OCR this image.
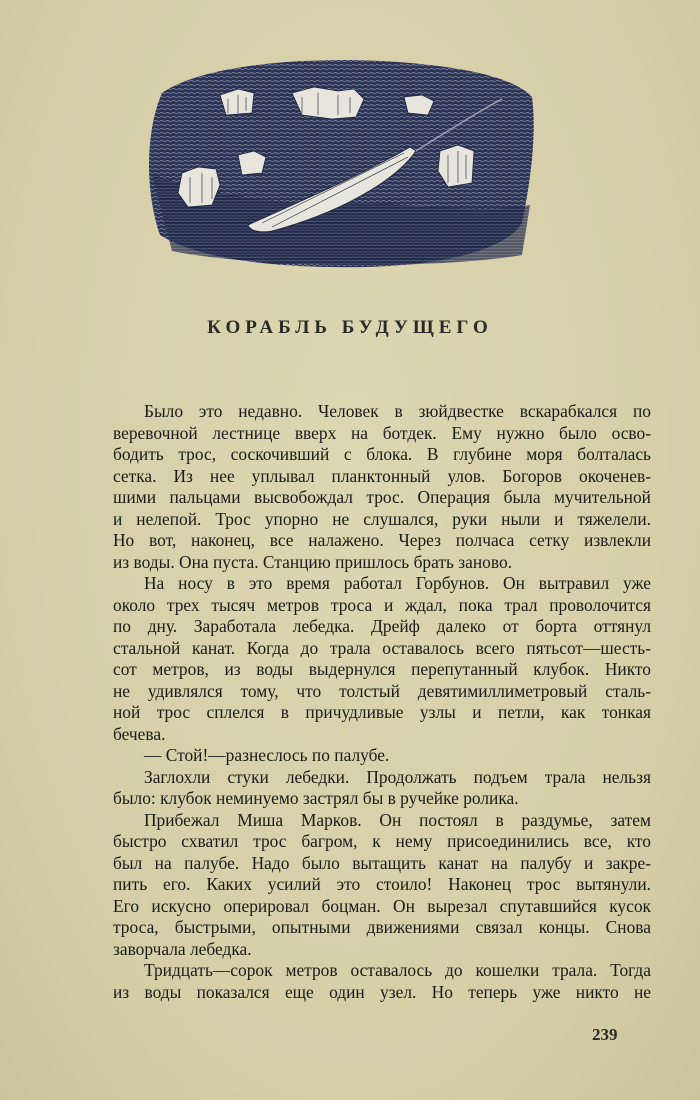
КОРАБЛЬ БУДУЩЕГО
Было это недавно. Человек в зюйдвестке вскарабкался по
веревочной лестнице вверх на ботдек. Ему нужно было осво-
бодить трос, соскочивший с блока. В глубине моря болталась
сетка. Из нее уплывал планктонный улов. Богоров окоченев-
шими пальцами высвобождал трос. Операция была мучительной
и нелепой. Трос упорно не слушался, руки ныли и тяжелели.
Но вот, наконец, все налажено. Через полчаса сетку извлекли
из воды. Она пуста. Станцию пришлось брать заново.
На носу в это время работал Горбунов. Он вытравил уже
около трех тысяч метров троса и ждал, пока трал проволочится
по дну. Заработала лебедка. Дрейф далеко от борта оттянул
стальной канат. Когда до трала оставалось всего пятьсот—шесть-
сот метров, из воды выдернулся перепутанный клубок. Никто
не удивлялся тому, что толстый девятимиллиметровый сталь-
ной трос сплелся в причудливые узлы и петли, как тонкая
бечева.
— Стой!—разнеслось по палубе.
Заглохли стуки лебедки. Продолжать подъем трала нельзя
было: клубок неминуемо застрял бы в ручейке ролика.
Прибежал Миша Марков. Он постоял в раздумье, затем
быстро схватил трос багром, к нему присоединились все, кто
был на палубе. Надо было вытащить канат на палубу и закре-
пить его. Каких усилий это стоило! Наконец трос вытянули.
Его искусно оперировал боцман. Он вырезал спутавшийся кусок
троса, быстрыми, опытными движениями связал концы. Снова
заворчала лебедка.
Тридцать—сорок метров оставалось до кошелки трала. Тогда
из воды показался еще один узел. Но теперь уже никто не
239
